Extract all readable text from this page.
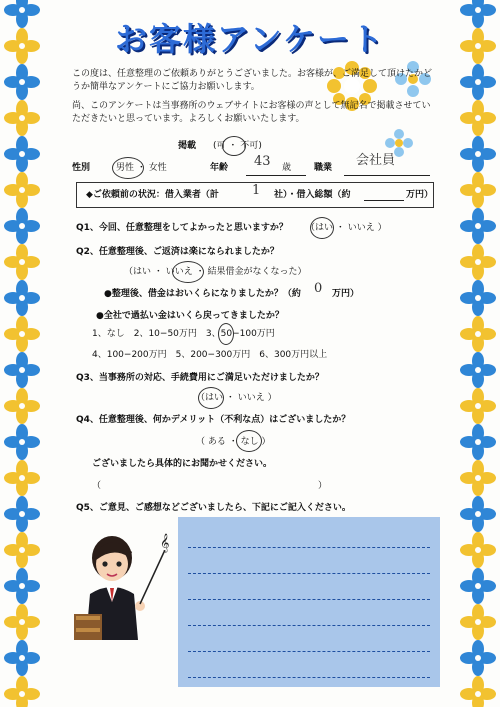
お客様アンケート
この度は、任意整理のご依頼ありがとうございました。お客様が、ご満足して頂けたかど
うか簡単なアンケートにご協力お願いします。
尚、このアンケートは当事務所のウェブサイトにお客様の声として無記名で掲載させてい
ただきたいと思っています。よろしくお願いいたします。
掲載 (可 ・ 不可)
性別	男性 ・ 女性	年齢 43 歳	職業 会社員
◆ご依頼前の状況：借入業者（計	1 社）・借入総額（約	万円）
Q1、今回、任意整理をしてよかったと思いますか？ （はい ・ いいえ ）
Q2、任意整理後、ご返済は楽になられましたか？
（はい ・ いいえ ・ 結果借金がなくなった）
●整理後、借金はおいくらになりましたか？（約 0 万円）
●全社で過払い金はいくら戻ってきましたか？
1、なし　2、10−50万円　3、50−100万円
4、100−200万円　5、200−300万円　6、300万円以上
Q3、当事務所の対応、手続費用にご満足いただけましたか？
（はい ・ いいえ ）
Q4、任意整理後、何かデメリット（不利な点）はございましたか？
（ ある ・ なし ）
ございましたら具体的にお聞かせください。
（	）
Q5、ご意見、ご感想などございましたら、下記にご記入ください。
𝄞
